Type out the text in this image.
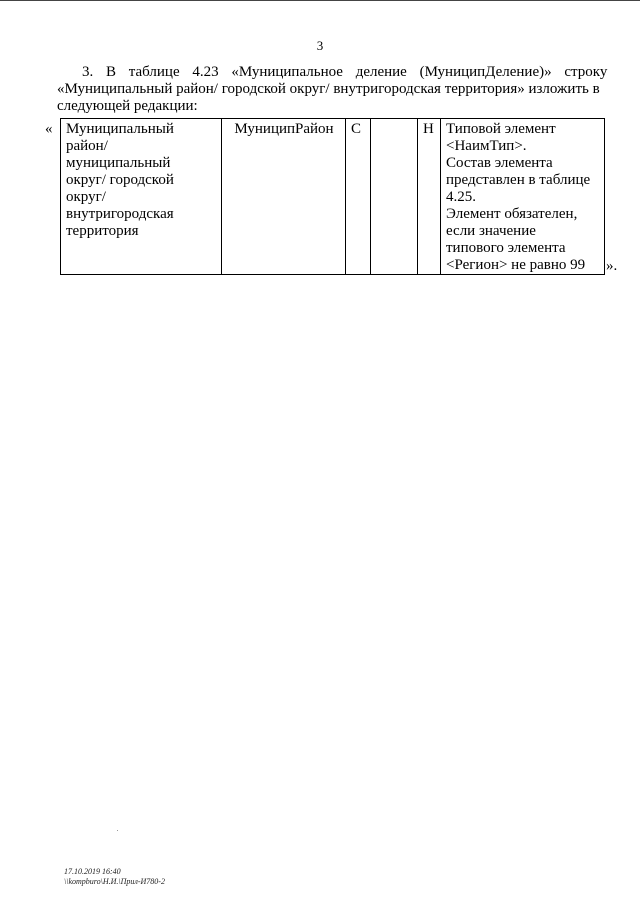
3
3. В таблице 4.23 «Муниципальное деление (МуниципДеление)» строку
«Муниципальный район/ городской округ/ внутригородская территория» изложить в
следующей редакции:
« Муниципальный
район/
муниципальный
округ/ городской
округ/
внутригородская
территория
	МуниципРайон	С		Н	Типовой элемент
<НаимТип>.
Состав элемента
представлен в таблице
4.25.
Элемент обязателен,
если значение
типового элемента
<Регион> не равно 99	».
17.10.2019 16:40
\\kompburo\Н.И.\Прил-И780-2
